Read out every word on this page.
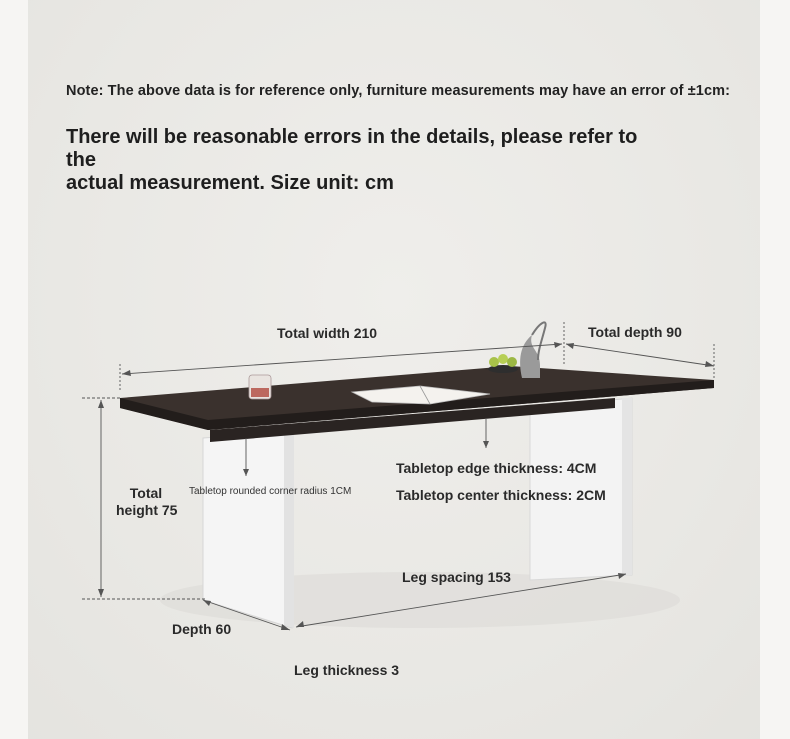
Note: The above data is for reference only, furniture measurements may have an error of ±1cm:
There will be reasonable errors in the details, please refer to the
actual measurement. Size unit: cm
Total width 210	Total depth 90
Total
height 75
Tabletop rounded corner radius 1CM
Tabletop edge thickness: 4CM
Tabletop center thickness: 2CM
Leg spacing 153
Depth 60
Leg thickness 3
